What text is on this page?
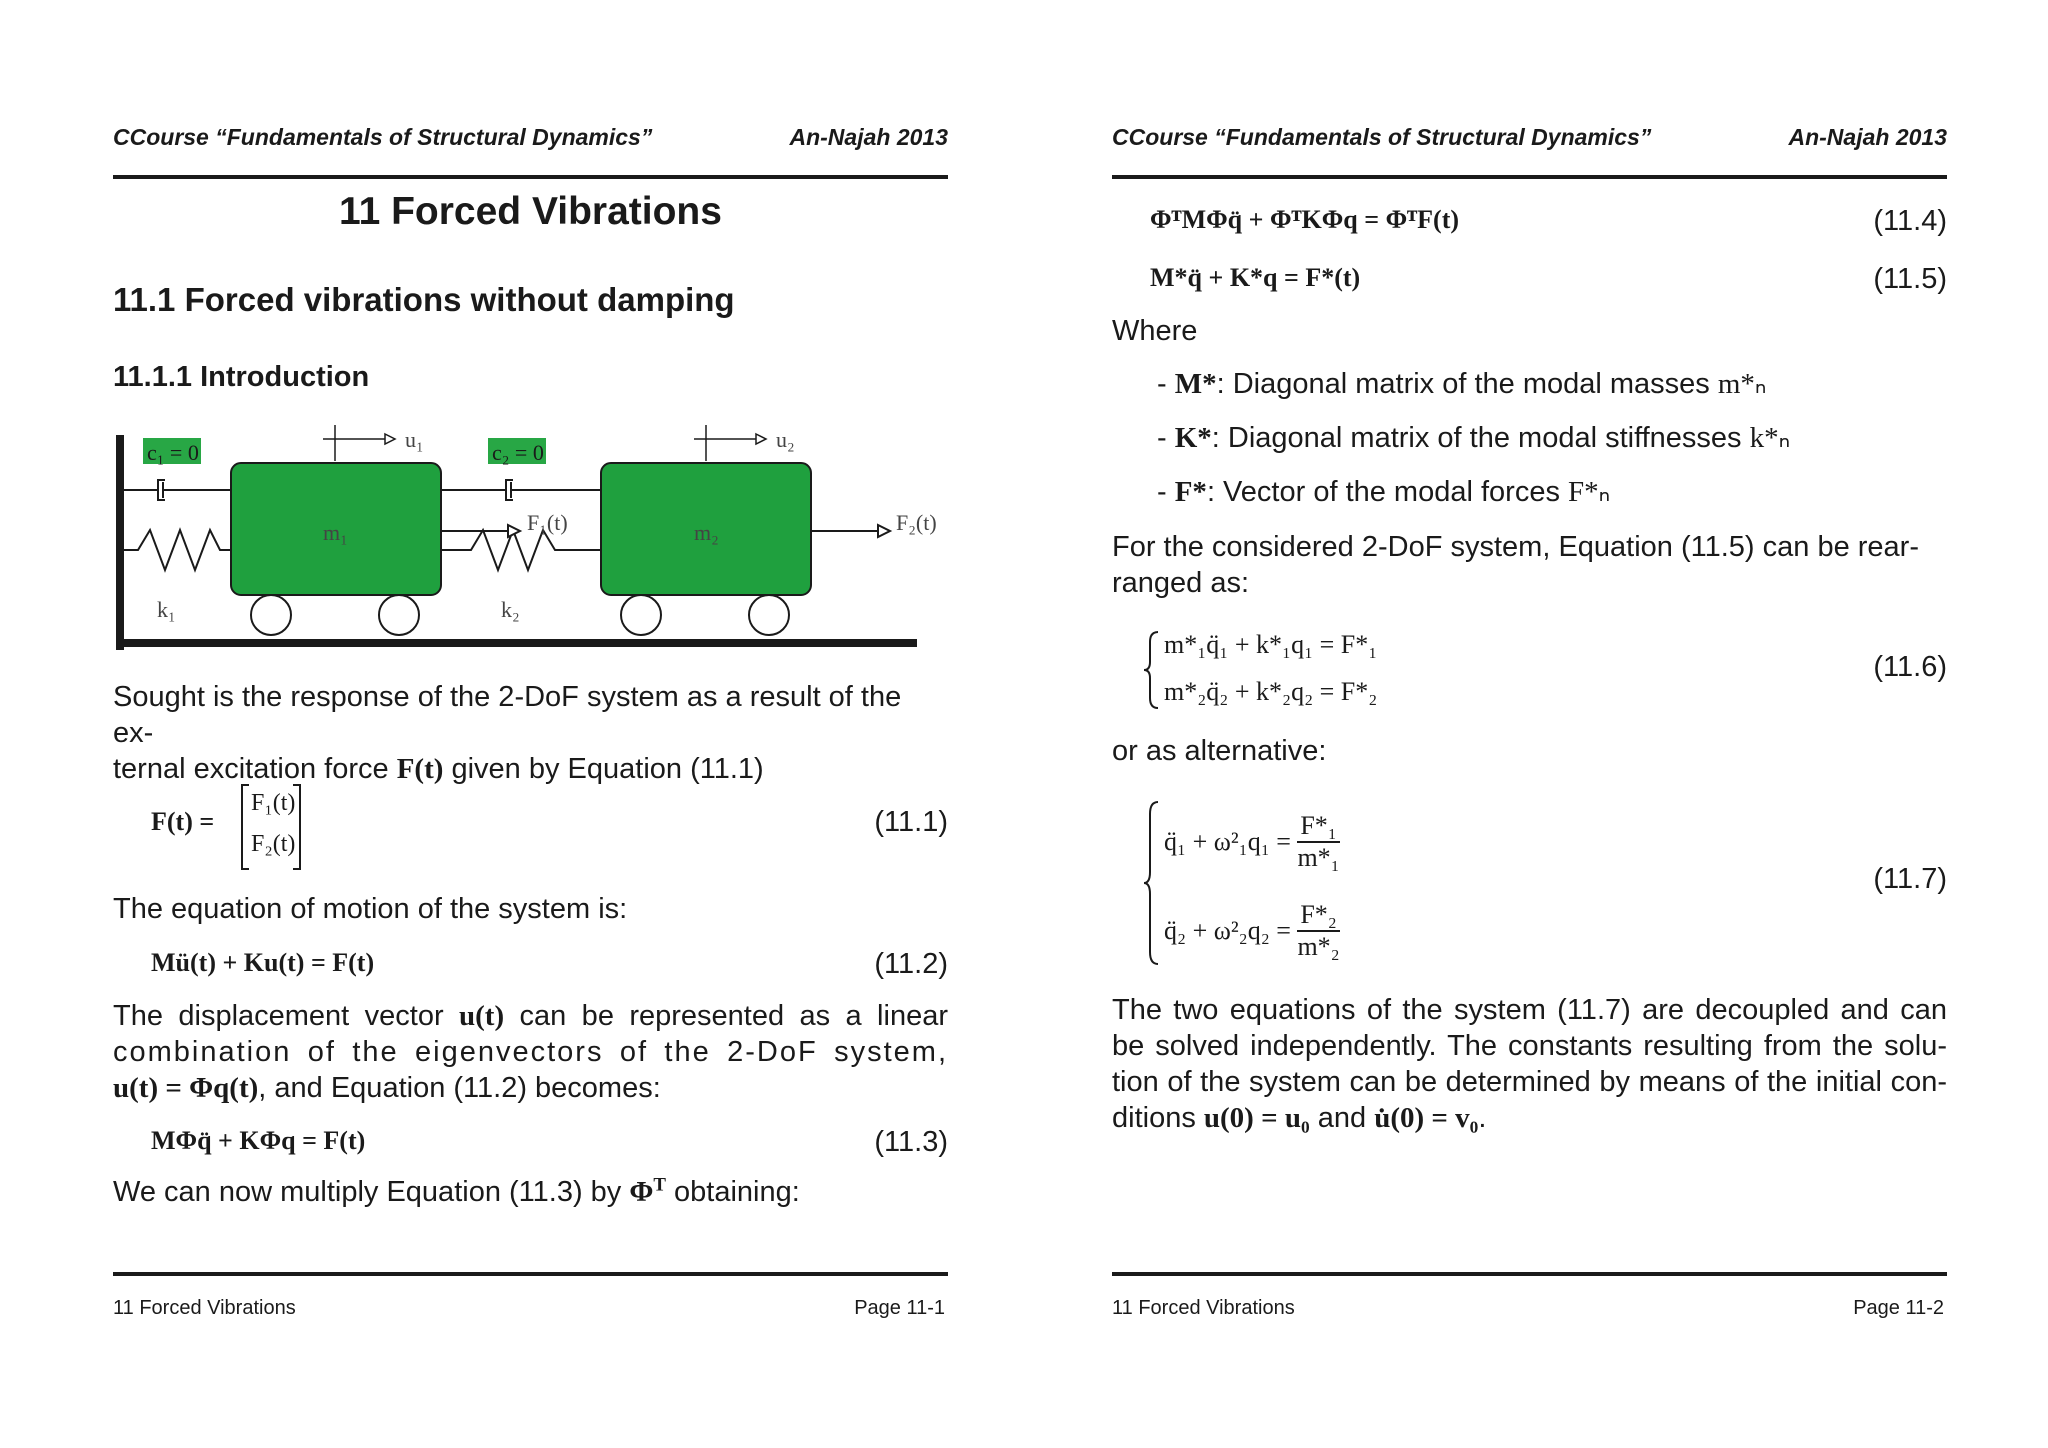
CCourse “Fundamentals of Structural Dynamics”	An-Najah 2013
11 Forced Vibrations
11.1 Forced vibrations without damping
11.1.1 Introduction
c₁ = 0	c₂ = 0
u₁	u₂
m₁	m₂
k₁	k₂
F₁(t)	F₂(t)
Sought is the response of the 2-DoF system as a result of the ex-
ternal excitation force F(t) given by Equation (11.1)
F(t) =
F₁(t)
F₂(t)
(11.1)
The equation of motion of the system is:
Mü(t) + Ku(t) = F(t)	(11.2)
The displacement vector u(t) can be represented as a linear
combination of the eigenvectors of the 2-DoF system,
u(t) = Φq(t), and Equation (11.2) becomes:
MΦq̈ + KΦq = F(t)	(11.3)
We can now multiply Equation (11.3) by $\Phi^T$ obtaining:
11 Forced Vibrations	Page 11-1
CCourse “Fundamentals of Structural Dynamics”	An-Najah 2013
ΦᵀMΦq̈ + ΦᵀKΦq = ΦᵀF(t)	(11.4)
M*q̈ + K*q = F*(t)	(11.5)
Where
- M*: Diagonal matrix of the modal masses m*ₙ
- K*: Diagonal matrix of the modal stiffnesses k*ₙ
- F*: Vector of the modal forces F*ₙ
For the considered 2-DoF system, Equation (11.5) can be rear-
ranged as:
m*₁q̈₁ + k*₁q₁ = F*₁
m*₂q̈₂ + k*₂q₂ = F*₂
(11.6)
or as alternative:
q̈₁ + ω²₁q₁ =
$\frac{\text{F*₁}}{\text{m*₁}}$
q̈₂ + ω²₂q₂ =
$\frac{\text{F*₂}}{\text{m*₂}}$
(11.7)
The two equations of the system (11.7) are decoupled and can
be solved independently. The constants resulting from the solu-
tion of the system can be determined by means of the initial con-
ditions u(0) = u₀ and u̇(0) = v₀.
11 Forced Vibrations	Page 11-2
